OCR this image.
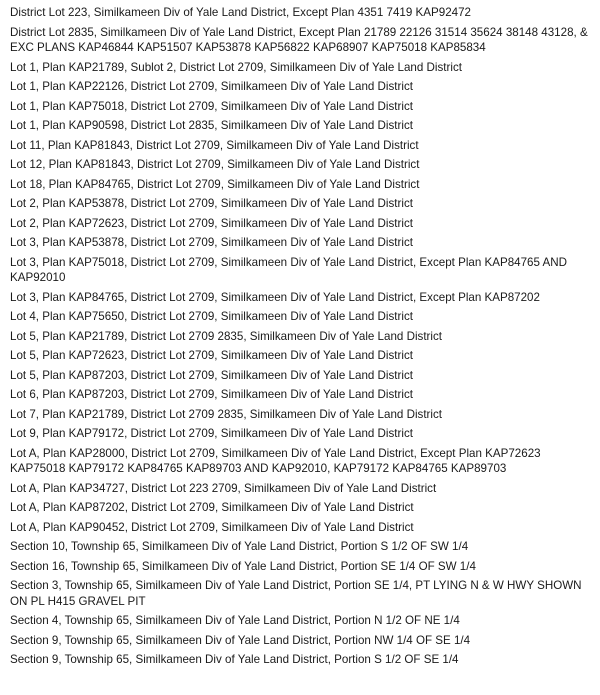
District Lot 223, Similkameen Div of Yale Land District, Except Plan 4351 7419 KAP92472

District Lot 2835, Similkameen Div of Yale Land District, Except Plan 21789 22126 31514 35624 38148 43128, & EXC PLANS KAP46844 KAP51507 KAP53878 KAP56822 KAP68907 KAP75018 KAP85834

Lot 1, Plan KAP21789, Sublot 2, District Lot 2709, Similkameen Div of Yale Land District

Lot 1, Plan KAP22126, District Lot 2709, Similkameen Div of Yale Land District

Lot 1, Plan KAP75018, District Lot 2709, Similkameen Div of Yale Land District

Lot 1, Plan KAP90598, District Lot 2835, Similkameen Div of Yale Land District

Lot 11, Plan KAP81843, District Lot 2709, Similkameen Div of Yale Land District

Lot 12, Plan KAP81843, District Lot 2709, Similkameen Div of Yale Land District

Lot 18, Plan KAP84765, District Lot 2709, Similkameen Div of Yale Land District

Lot 2, Plan KAP53878, District Lot 2709, Similkameen Div of Yale Land District

Lot 2, Plan KAP72623, District Lot 2709, Similkameen Div of Yale Land District

Lot 3, Plan KAP53878, District Lot 2709, Similkameen Div of Yale Land District

Lot 3, Plan KAP75018, District Lot 2709, Similkameen Div of Yale Land District, Except Plan KAP84765 AND KAP92010

Lot 3, Plan KAP84765, District Lot 2709, Similkameen Div of Yale Land District, Except Plan KAP87202

Lot 4, Plan KAP75650, District Lot 2709, Similkameen Div of Yale Land District

Lot 5, Plan KAP21789, District Lot 2709 2835, Similkameen Div of Yale Land District

Lot 5, Plan KAP72623, District Lot 2709, Similkameen Div of Yale Land District

Lot 5, Plan KAP87203, District Lot 2709, Similkameen Div of Yale Land District

Lot 6, Plan KAP87203, District Lot 2709, Similkameen Div of Yale Land District

Lot 7, Plan KAP21789, District Lot 2709 2835, Similkameen Div of Yale Land District

Lot 9, Plan KAP79172, District Lot 2709, Similkameen Div of Yale Land District

Lot A, Plan KAP28000, District Lot 2709, Similkameen Div of Yale Land District, Except Plan KAP72623 KAP75018 KAP79172 KAP84765 KAP89703 AND KAP92010, KAP79172 KAP84765 KAP89703

Lot A, Plan KAP34727, District Lot 223 2709, Similkameen Div of Yale Land District

Lot A, Plan KAP87202, District Lot 2709, Similkameen Div of Yale Land District

Lot A, Plan KAP90452, District Lot 2709, Similkameen Div of Yale Land District

Section 10, Township 65, Similkameen Div of Yale Land District, Portion S 1/2 OF SW 1/4

Section 16, Township 65, Similkameen Div of Yale Land District, Portion SE 1/4 OF SW 1/4

Section 3, Township 65, Similkameen Div of Yale Land District, Portion SE 1/4, PT LYING N & W HWY SHOWN ON PL H415 GRAVEL PIT

Section 4, Township 65, Similkameen Div of Yale Land District, Portion N 1/2 OF NE 1/4

Section 9, Township 65, Similkameen Div of Yale Land District, Portion NW 1/4 OF SE 1/4

Section 9, Township 65, Similkameen Div of Yale Land District, Portion S 1/2 OF SE 1/4
